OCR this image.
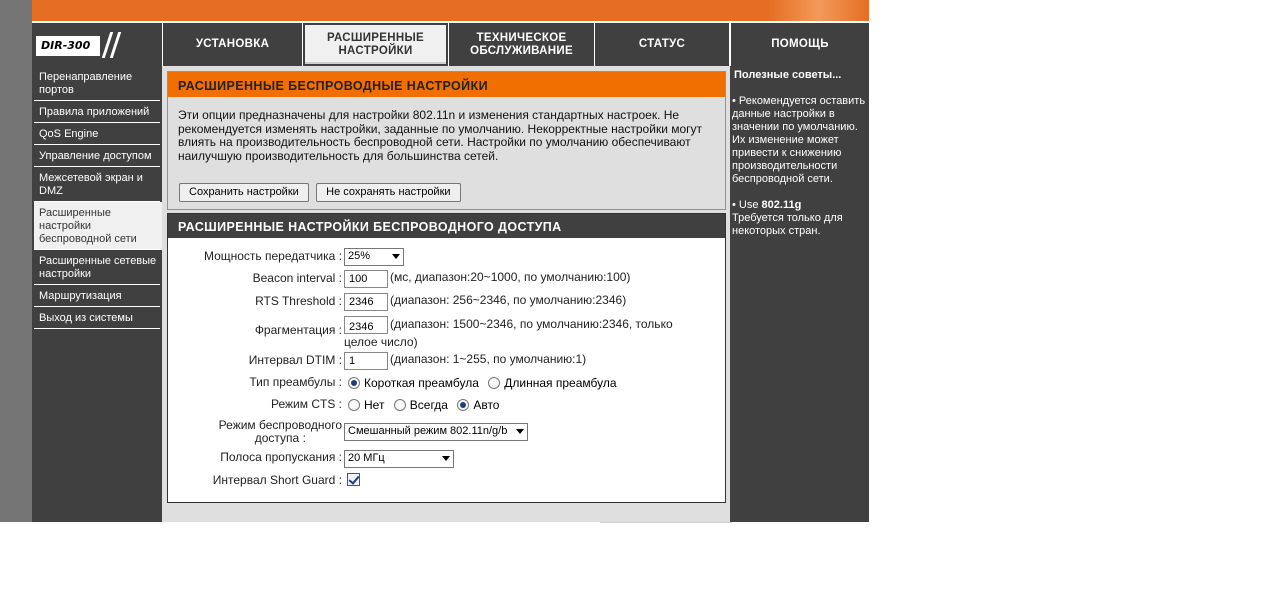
DIR-300	УСТАНОВКА
РАСШИРЕННЫЕ
НАСТРОЙКИ
ТЕХНИЧЕСКОЕ
ОБСЛУЖИВАНИЕ
СТАТУС	ПОМОЩЬ
Перенаправление портов
Правила приложений
QoS Engine
Управление доступом
Межсетевой экран и DMZ
Расширенные настройки беспроводной сети
Расширенные сетевые настройки
Маршрутизация
Выход из системы
РАСШИРЕННЫЕ БЕСПРОВОДНЫЕ НАСТРОЙКИ
Эти опции предназначены для настройки 802.11n и изменения стандартных настроек. Не рекомендуется изменять настройки, заданные по умолчанию. Некорректные настройки могут влиять на производительность беспроводной сети. Настройки по умолчанию обеспечивают наилучшую производительность для большинства сетей.
Сохранить настройки Не сохранять настройки
РАСШИРЕННЫЕ НАСТРОЙКИ БЕСПРОВОДНОГО ДОСТУПА
Мощность передатчика : 25%
Beacon interval : 100 (мс, диапазон:20~1000, по умолчанию:100)
RTS Threshold : 2346 (диапазон: 256~2346, по умолчанию:2346)
Фрагментация : 2346 (диапазон: 1500~2346, по умолчанию:2346, только целое число)
Интервал DTIM : 1	(диапазон: 1~255, по умолчанию:1)
Тип преамбулы :	Короткая преамбула Длинная преамбула
Режим CTS :	Нет Всегда Авто
Режим беспроводного
доступа :	Смешанный режим 802.11n/g/b
Полоса пропускания : 20 МГц
Интервал Short Guard :
Полезные советы...

• Рекомендуется оставить данные настройки в значении по умолчанию. Их изменение может привести к снижению производительности беспроводной сети.

• Use 802.11g
Требуется только для некоторых стран.
